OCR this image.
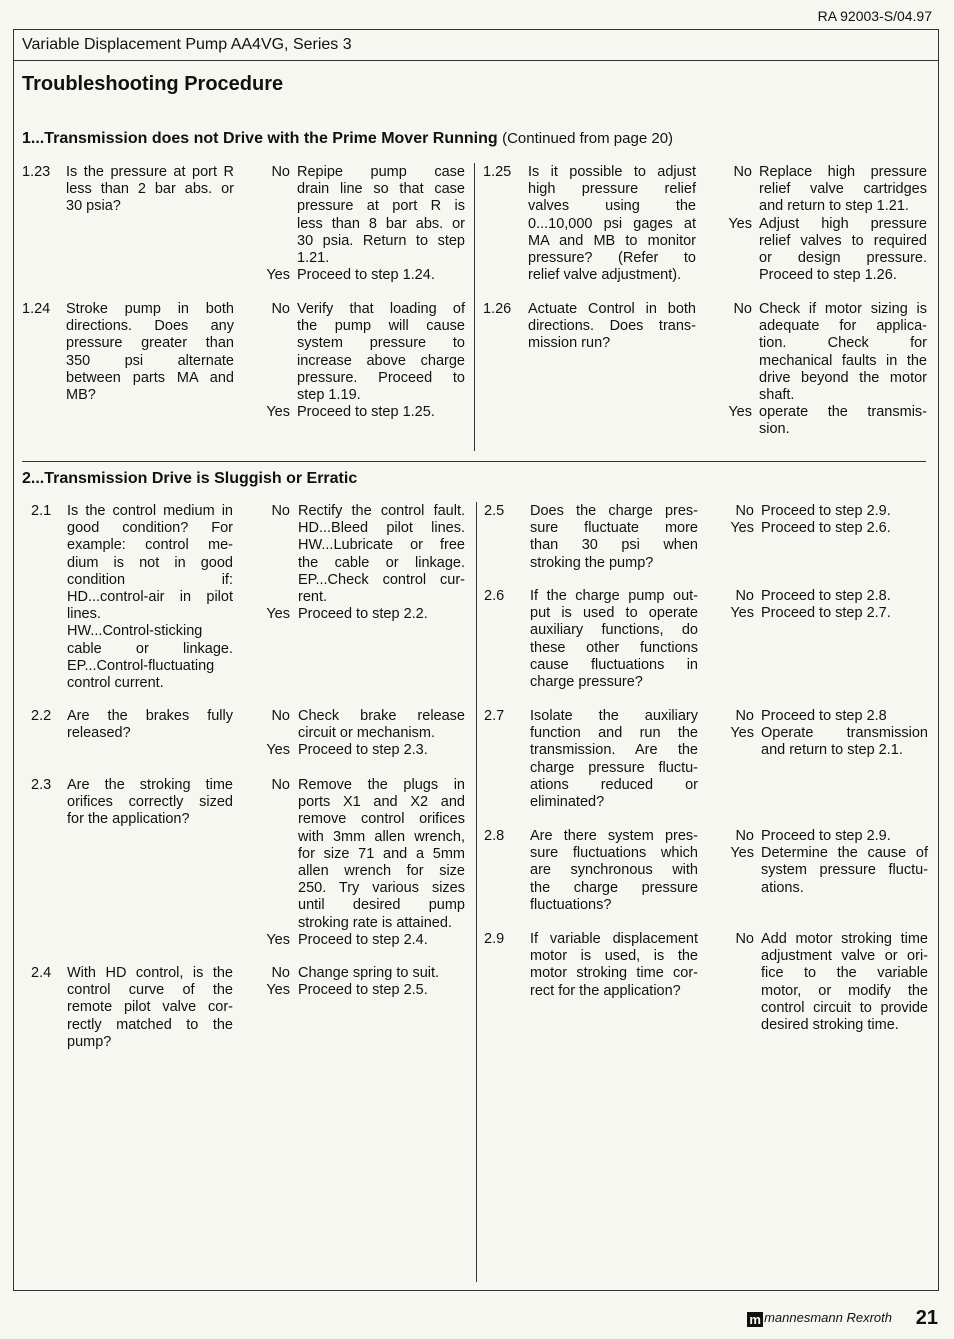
RA 92003-S/04.97
Variable Displacement Pump AA4VG, Series 3
Troubleshooting Procedure
1...Transmission does not Drive with the Prime Mover Running (Continued from page 20)
2...Transmission Drive is Sluggish or Erratic
1.23 Is the pressure at port R
less than 2 bar abs. or
30 psia?
No Repipe pump case
drain line so that case
pressure at port R is
less than 8 bar abs. or
30 psia. Return to step
1.21.
Yes Proceed to step 1.24.
1.24 Stroke pump in both
directions. Does any
pressure greater than
350 psi alternate
between parts MA and
MB?
No Verify that loading of
the pump will cause
system pressure to
increase above charge
pressure. Proceed to
step 1.19.
Yes Proceed to step 1.25.
1.25 Is it possible to adjust
high pressure relief
valves using the
0...10,000 psi gages at
MA and MB to monitor
pressure? (Refer to
relief valve adjustment).
No Replace high pressure
relief valve cartridges
and return to step 1.21.
Yes Adjust high pressure
relief valves to required
or design pressure.
Proceed to step 1.26.
1.26 Actuate Control in both
directions. Does trans-
mission run?
No Check if motor sizing is
adequate for applica-
tion. Check for
mechanical faults in the
drive beyond the motor
shaft.
Yes operate the transmis-
sion.
2.1 Is the control medium in
good condition? For
example: control me-
dium is not in good
condition if:
HD...control-air in pilot
lines.
HW...Control-sticking
cable or linkage.
EP...Control-fluctuating
control current.
No Rectify the control fault.
HD...Bleed pilot lines.
HW...Lubricate or free
the cable or linkage.
EP...Check control cur-
rent.
Yes Proceed to step 2.2.
2.2 Are the brakes fully
released?
No Check brake release
circuit or mechanism.
Yes Proceed to step 2.3.
2.3 Are the stroking time
orifices correctly sized
for the application?
No Remove the plugs in
ports X1 and X2 and
remove control orifices
with 3mm allen wrench,
for size 71 and a 5mm
allen wrench for size
250. Try various sizes
until desired pump
stroking rate is attained.
Yes Proceed to step 2.4.
2.4 With HD control, is the
control curve of the
remote pilot valve cor-
rectly matched to the
pump?
No Change spring to suit.
Yes Proceed to step 2.5.
2.5 Does the charge pres-
sure fluctuate more
than 30 psi when
stroking the pump?
No Proceed to step 2.9.
Yes Proceed to step 2.6.
2.6 If the charge pump out-
put is used to operate
auxiliary functions, do
these other functions
cause fluctuations in
charge pressure?
No Proceed to step 2.8.
Yes Proceed to step 2.7.
2.7 Isolate the auxiliary
function and run the
transmission. Are the
charge pressure fluctu-
ations reduced or
eliminated?
No Proceed to step 2.8
Yes Operate transmission
and return to step 2.1.
2.8 Are there system pres-
sure fluctuations which
are synchronous with
the charge pressure
fluctuations?
No Proceed to step 2.9.
Yes Determine the cause of
system pressure fluctu-
ations.
2.9 If variable displacement
motor is used, is the
motor stroking time cor-
rect for the application?
No Add motor stroking time
adjustment valve or ori-
fice to the variable
motor, or modify the
control circuit to provide
desired stroking time.
m mannesmann Rexroth 21
